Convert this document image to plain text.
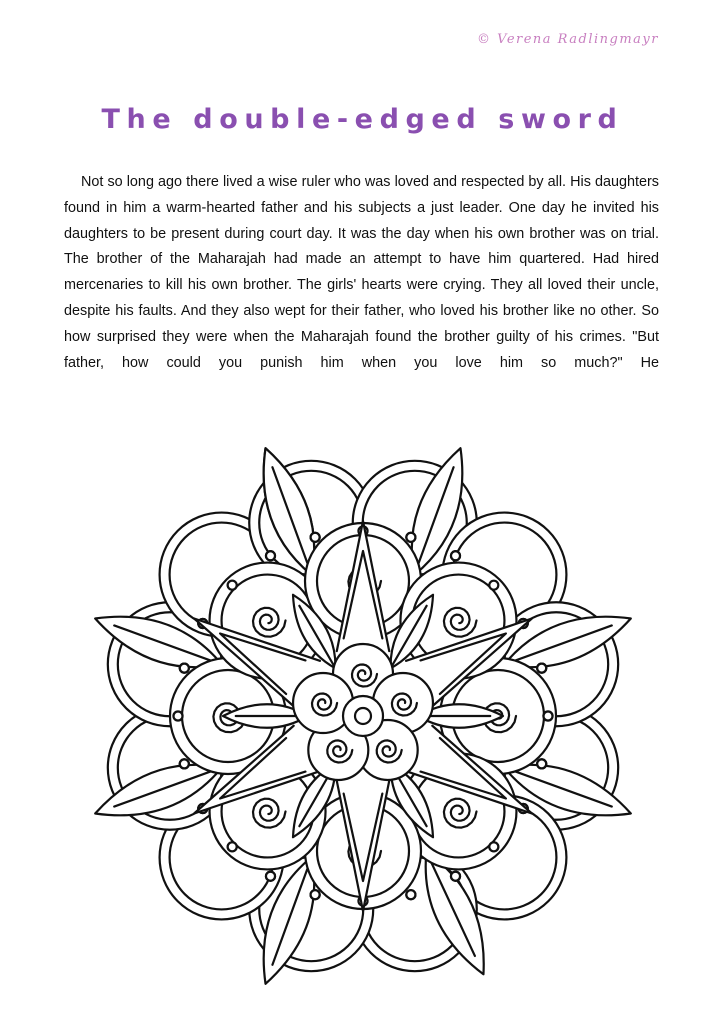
© Verena Radlingmayr
The double-edged sword

Not so long ago there lived a wise ruler who was loved and respected by all. His daughters found in him a warm-hearted father and his subjects a just leader. One day he invited his daughters to be present during court day. It was the day when his own brother was on trial. The brother of the Maharajah had made an attempt to have him quartered. Had hired mercenaries to kill his own brother. The girls' hearts were crying. They all loved their uncle, despite his faults. And they also wept for their father, who loved his brother like no other. So how surprised they were when the Maharajah found the brother guilty of his crimes. "But father, how could you punish him when you love him so much?" He
